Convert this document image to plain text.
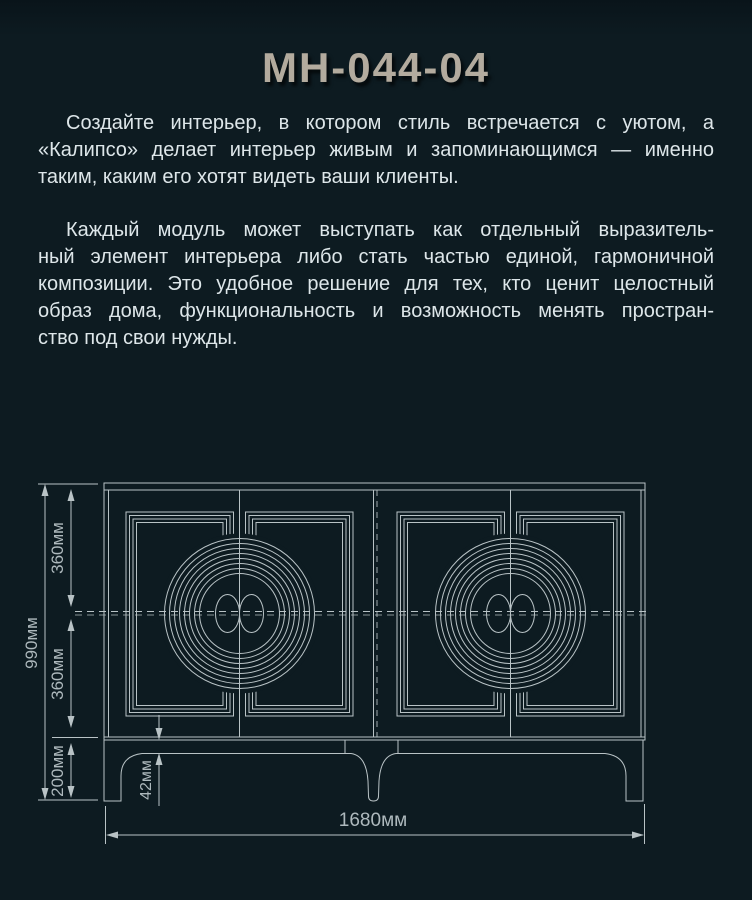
МН-044-04
Создайте интерьер, в котором стиль встречается с уютом, а
«Калипсо» делает интерьер живым и запоминающимся — именно
таким, каким его хотят видеть ваши клиенты.
Каждый модуль может выступать как отдельный выразитель-
ный элемент интерьера либо стать частью единой, гармоничной
композиции. Это удобное решение для тех, кто ценит целостный
образ дома, функциональность и возможность менять простран-
ство под свои нужды.
990мм
360мм
360мм
200мм	42мм
1680мм
